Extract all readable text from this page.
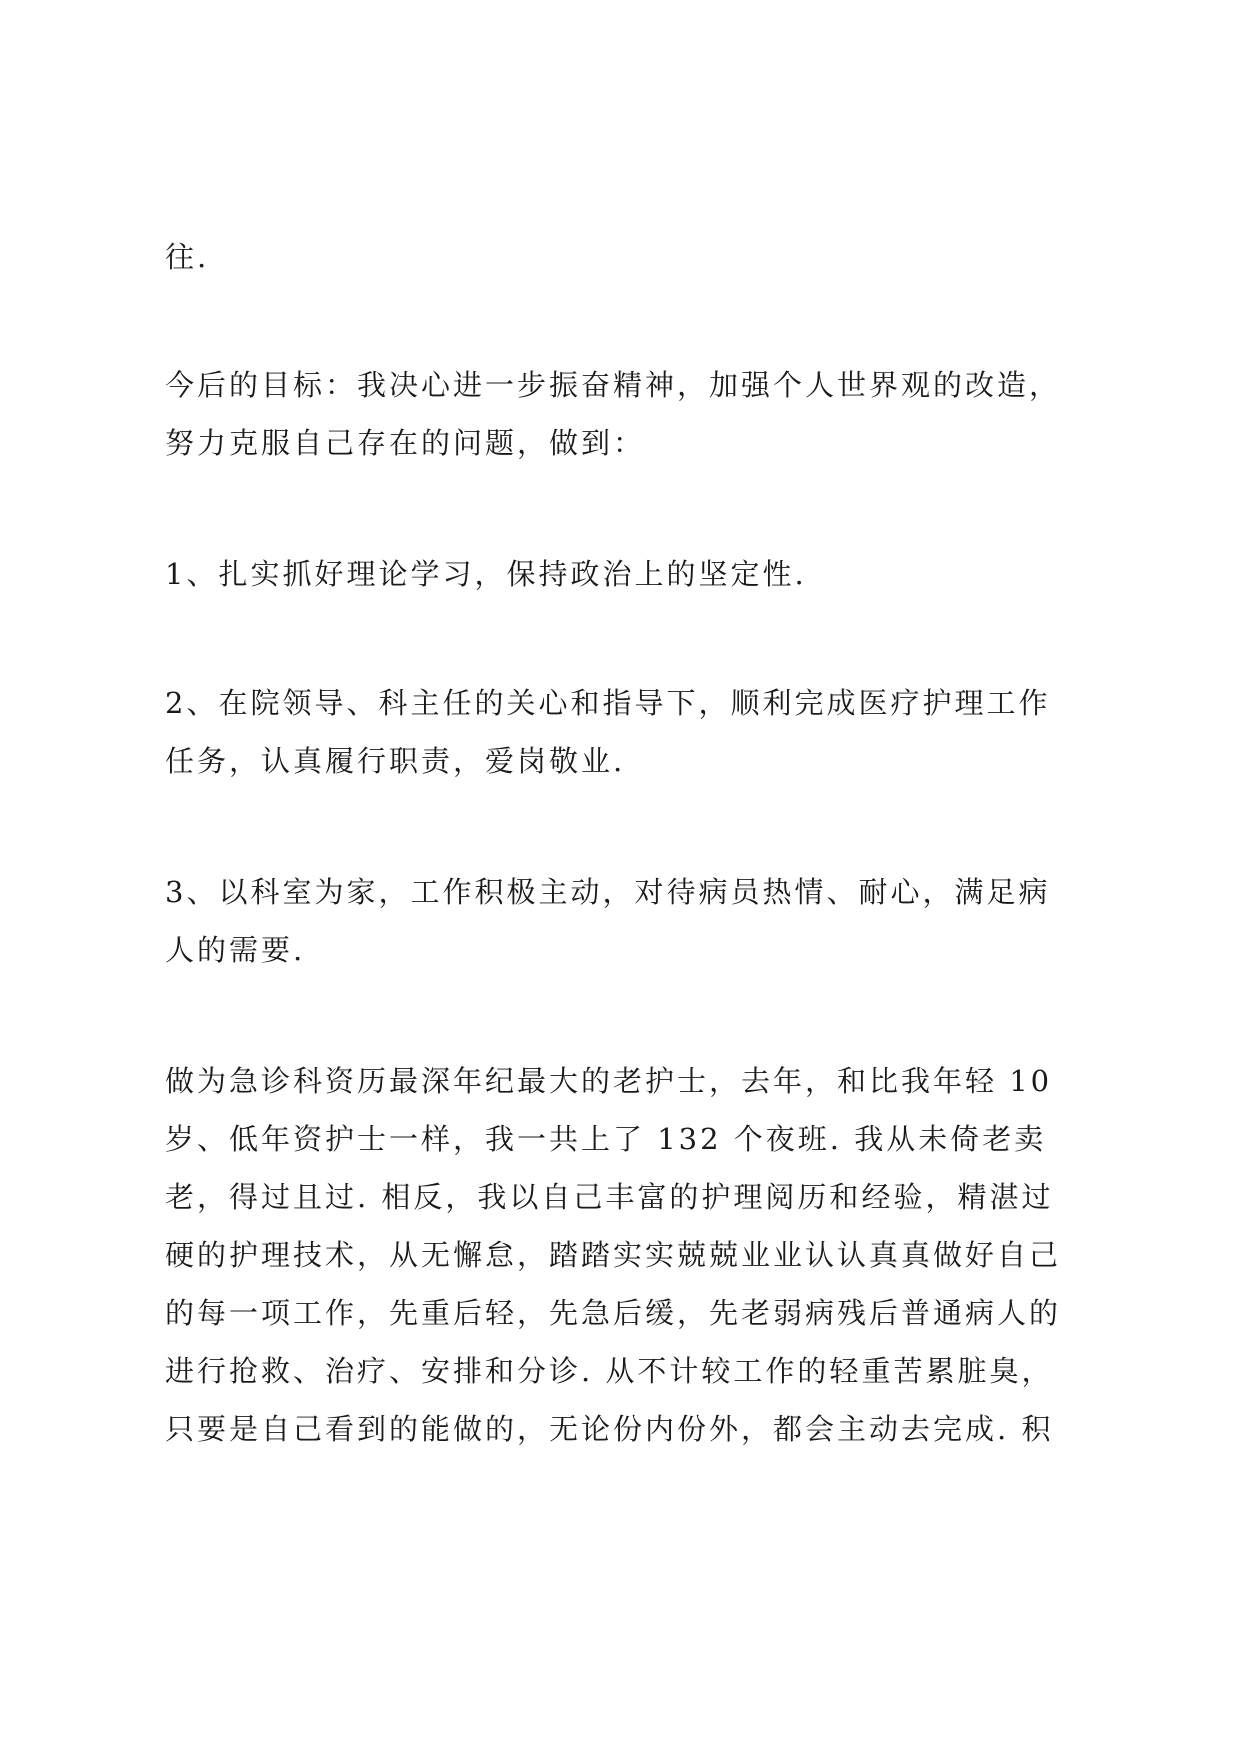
往.

今后的目标：我决心进一步振奋精神，加强个人世界观的改造，
努力克服自己存在的问题，做到：

1、扎实抓好理论学习，保持政治上的坚定性.

2、在院领导、科主任的关心和指导下，顺利完成医疗护理工作
任务，认真履行职责，爱岗敬业.

3、以科室为家，工作积极主动，对待病员热情、耐心，满足病
人的需要.

做为急诊科资历最深年纪最大的老护士，去年，和比我年轻 10
岁、低年资护士一样，我一共上了 132 个夜班. 我从未倚老卖
老，得过且过. 相反，我以自己丰富的护理阅历和经验，精湛过
硬的护理技术，从无懈怠，踏踏实实兢兢业业认认真真做好自己
的每一项工作，先重后轻，先急后缓，先老弱病残后普通病人的
进行抢救、治疗、安排和分诊. 从不计较工作的轻重苦累脏臭，
只要是自己看到的能做的，无论份内份外，都会主动去完成. 积
